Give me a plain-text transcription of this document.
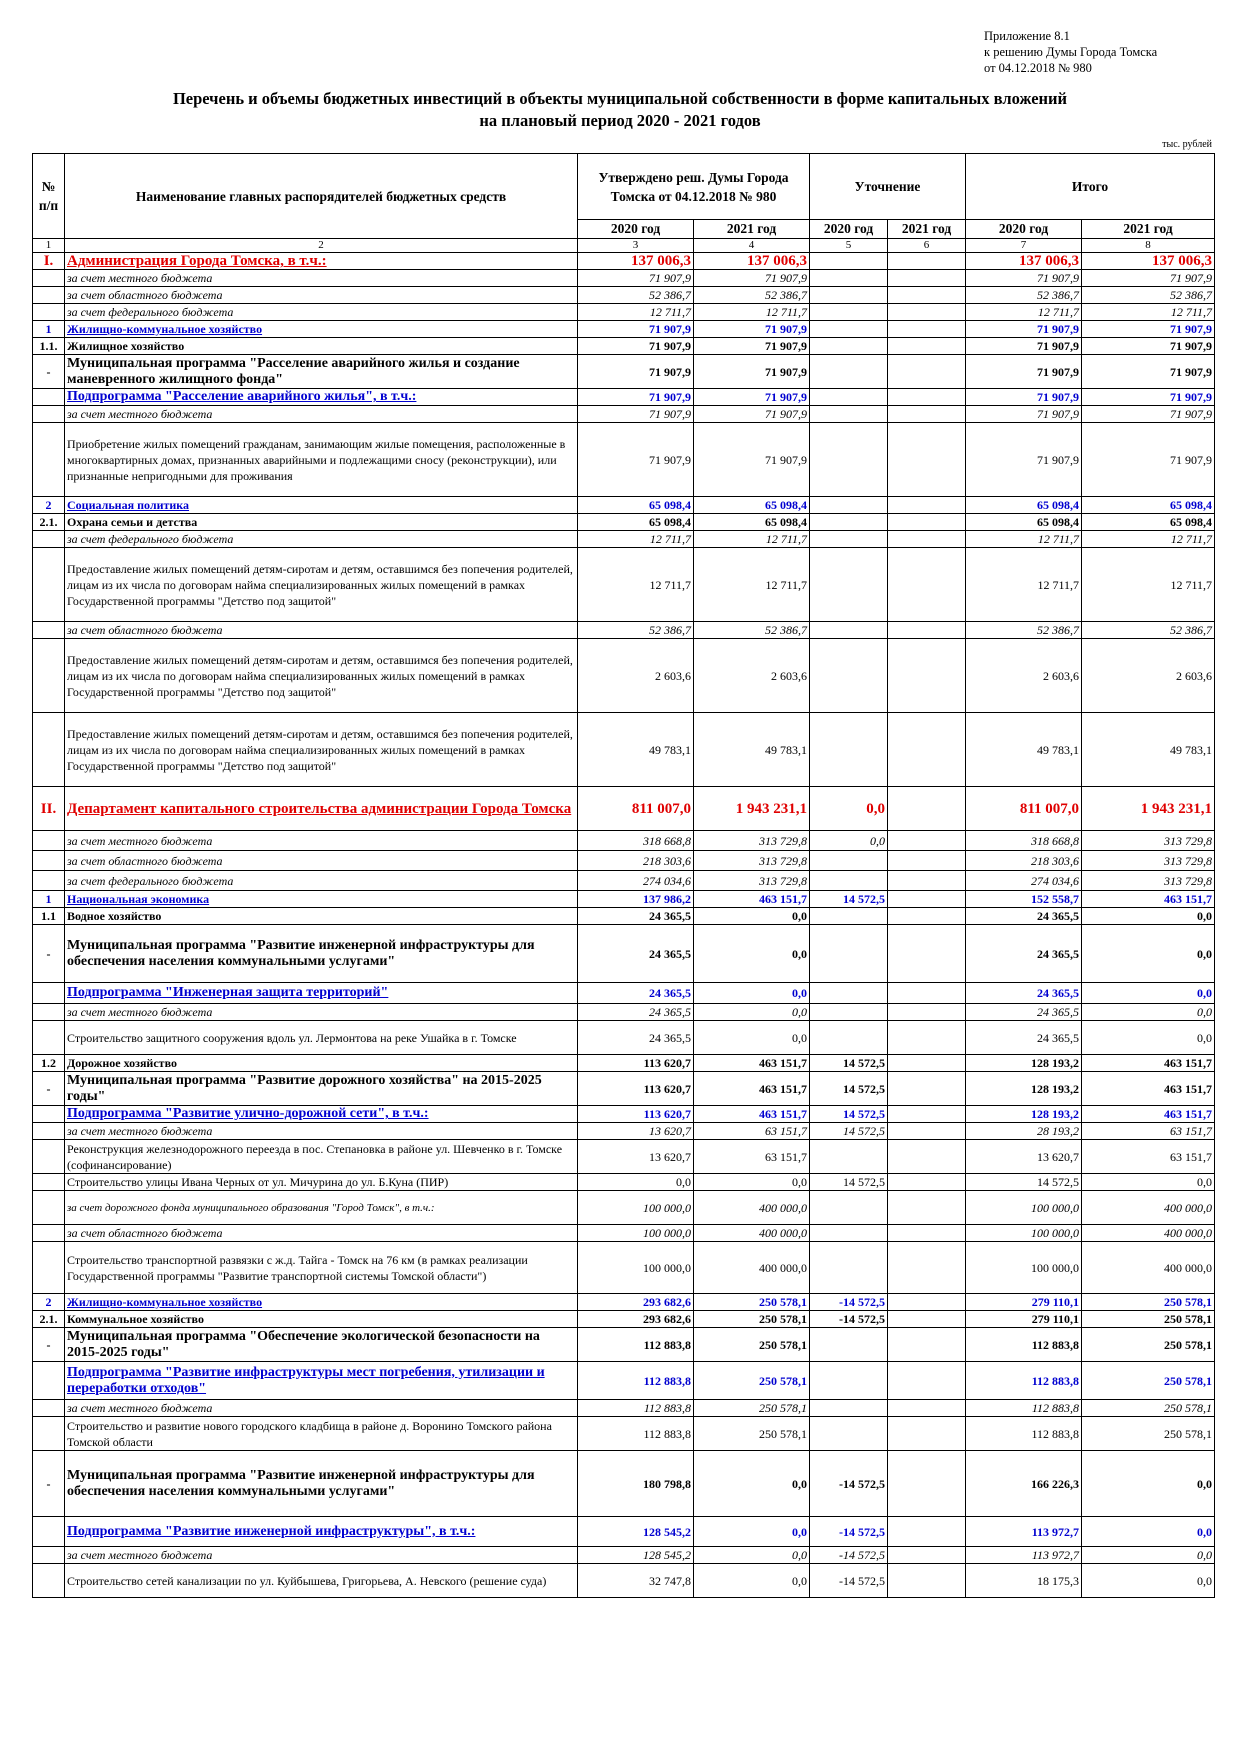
Приложение 8.1
к решению Думы Города Томска
от 04.12.2018 № 980
Перечень и объемы бюджетных инвестиций в объекты муниципальной собственности в форме капитальных вложений
на плановый период 2020 - 2021 годов
тыс. рублей
№ п/п	Наименование главных распорядителей бюджетных средств	Утверждено реш. Думы Города Томска от 04.12.2018 № 980		Уточнение		Итого	
		2020 год	2021 год	2020 год	2021 год	2020 год	2021 год
1	2	3	4	5	6	7	8
I.	Администрация Города Томска, в т.ч.:	137 006,3	137 006,3			137 006,3	137 006,3
	за счет местного бюджета	71 907,9	71 907,9			71 907,9	71 907,9
	за счет областного бюджета	52 386,7	52 386,7			52 386,7	52 386,7
	за счет федерального бюджета	12 711,7	12 711,7			12 711,7	12 711,7
1	Жилищно-коммунальное хозяйство	71 907,9	71 907,9			71 907,9	71 907,9
1.1.	Жилищное хозяйство	71 907,9	71 907,9			71 907,9	71 907,9
-	Муниципальная программа "Расселение аварийного жилья и создание маневренного жилищного фонда"	71 907,9	71 907,9			71 907,9	71 907,9
	Подпрограмма "Расселение аварийного жилья", в т.ч.:	71 907,9	71 907,9			71 907,9	71 907,9
	за счет местного бюджета	71 907,9	71 907,9			71 907,9	71 907,9
	Приобретение жилых помещений гражданам, занимающим жилые помещения, расположенные в многоквартирных домах, признанных аварийными и подлежащими сносу (реконструкции), или признанные непригодными для проживания	71 907,9	71 907,9			71 907,9	71 907,9
2	Социальная политика	65 098,4	65 098,4			65 098,4	65 098,4
2.1.	Охрана семьи и детства	65 098,4	65 098,4			65 098,4	65 098,4
	за счет федерального бюджета	12 711,7	12 711,7			12 711,7	12 711,7
	Предоставление жилых помещений детям-сиротам и детям, оставшимся без попечения родителей, лицам из их числа по договорам найма специализированных жилых помещений в рамках Государственной программы "Детство под защитой"	12 711,7	12 711,7			12 711,7	12 711,7
	за счет областного бюджета	52 386,7	52 386,7			52 386,7	52 386,7
	Предоставление жилых помещений детям-сиротам и детям, оставшимся без попечения родителей, лицам из их числа по договорам найма специализированных жилых помещений в рамках Государственной программы "Детство под защитой"	2 603,6	2 603,6			2 603,6	2 603,6
	Предоставление жилых помещений детям-сиротам и детям, оставшимся без попечения родителей, лицам из их числа по договорам найма специализированных жилых помещений в рамках Государственной программы "Детство под защитой"	49 783,1	49 783,1			49 783,1	49 783,1
II.	Департамент капитального строительства администрации Города Томска	811 007,0	1 943 231,1	0,0		811 007,0	1 943 231,1
	за счет местного бюджета	318 668,8	313 729,8	0,0		318 668,8	313 729,8
	за счет областного бюджета	218 303,6	313 729,8			218 303,6	313 729,8
	за счет федерального бюджета	274 034,6	313 729,8			274 034,6	313 729,8
1	Национальная экономика	137 986,2	463 151,7	14 572,5		152 558,7	463 151,7
1.1	Водное хозяйство	24 365,5	0,0			24 365,5	0,0
-	Муниципальная программа "Развитие инженерной инфраструктуры для обеспечения населения коммунальными услугами"	24 365,5	0,0			24 365,5	0,0
	Подпрограмма "Инженерная защита территорий"	24 365,5	0,0			24 365,5	0,0
	за счет местного бюджета	24 365,5	0,0			24 365,5	0,0
	Строительство защитного сооружения вдоль ул. Лермонтова на реке Ушайка в г. Томске	24 365,5	0,0			24 365,5	0,0
1.2	Дорожное хозяйство	113 620,7	463 151,7	14 572,5		128 193,2	463 151,7
-	Муниципальная программа "Развитие дорожного хозяйства" на 2015-2025 годы"	113 620,7	463 151,7	14 572,5		128 193,2	463 151,7
	Подпрограмма "Развитие улично-дорожной сети", в т.ч.:	113 620,7	463 151,7	14 572,5		128 193,2	463 151,7
	за счет местного бюджета	13 620,7	63 151,7	14 572,5		28 193,2	63 151,7
	Реконструкция железнодорожного переезда в пос. Степановка в районе ул. Шевченко в г. Томске (софинансирование)	13 620,7	63 151,7			13 620,7	63 151,7
	Строительство улицы Ивана Черных от ул. Мичурина до ул. Б.Куна (ПИР)	0,0	0,0	14 572,5		14 572,5	0,0
	за счет дорожного фонда муниципального образования "Город Томск", в т.ч.:	100 000,0	400 000,0			100 000,0	400 000,0
	за счет областного бюджета	100 000,0	400 000,0			100 000,0	400 000,0
	Строительство транспортной развязки с ж.д. Тайга - Томск на 76 км (в рамках реализации Государственной программы "Развитие транспортной системы Томской области")	100 000,0	400 000,0			100 000,0	400 000,0
2	Жилищно-коммунальное хозяйство	293 682,6	250 578,1	-14 572,5		279 110,1	250 578,1
2.1.	Коммунальное хозяйство	293 682,6	250 578,1	-14 572,5		279 110,1	250 578,1
-	Муниципальная программа "Обеспечение экологической безопасности на 2015-2025 годы"	112 883,8	250 578,1			112 883,8	250 578,1
	Подпрограмма "Развитие инфраструктуры мест погребения, утилизации и переработки отходов"	112 883,8	250 578,1			112 883,8	250 578,1
	за счет местного бюджета	112 883,8	250 578,1			112 883,8	250 578,1
	Строительство и развитие нового городского кладбища в районе д. Воронино Томского района Томской области	112 883,8	250 578,1			112 883,8	250 578,1
-	Муниципальная программа "Развитие инженерной инфраструктуры для обеспечения населения коммунальными услугами"	180 798,8	0,0	-14 572,5		166 226,3	0,0
	Подпрограмма "Развитие инженерной инфраструктуры", в т.ч.:	128 545,2	0,0	-14 572,5		113 972,7	0,0
	за счет местного бюджета	128 545,2	0,0	-14 572,5		113 972,7	0,0
	Строительство сетей канализации по ул. Куйбышева, Григорьева, А. Невского (решение суда)	32 747,8	0,0	-14 572,5		18 175,3	0,0
